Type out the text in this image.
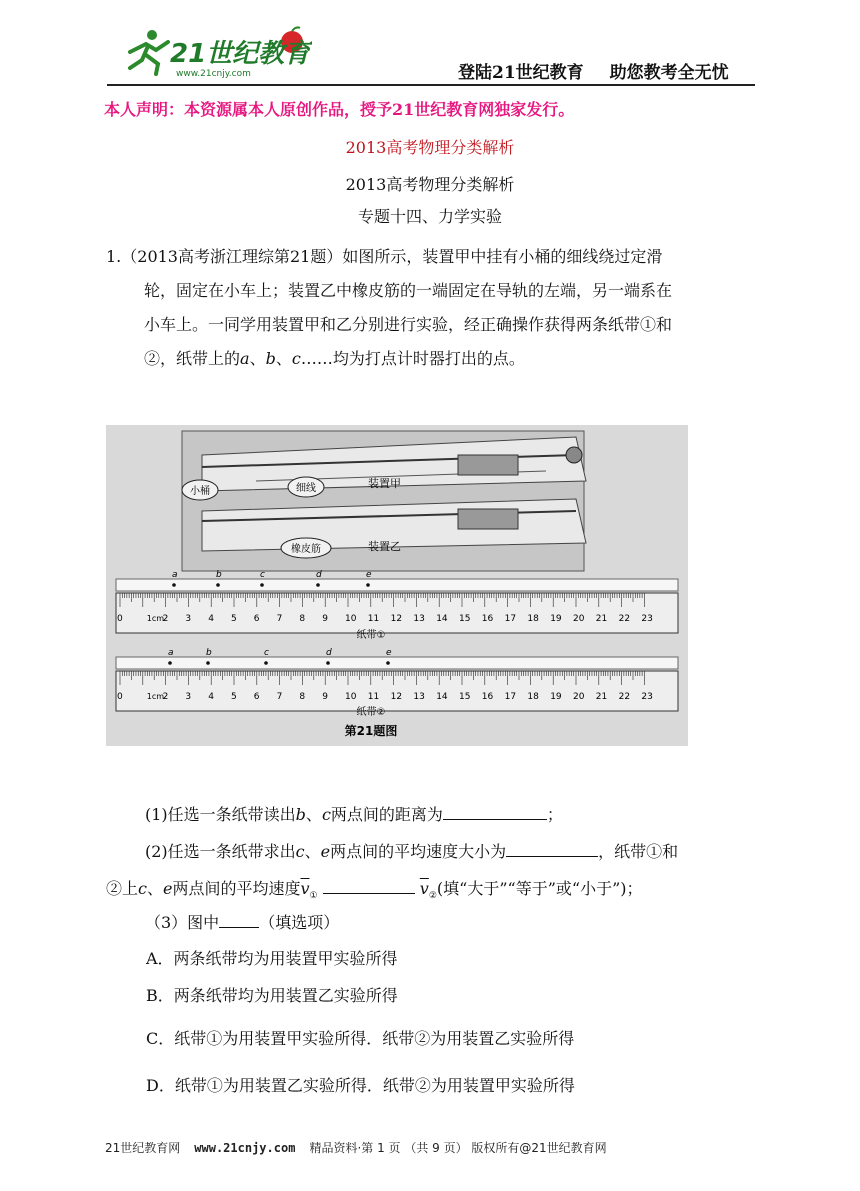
21世纪教育
www.21cnjy.com	登陆21世纪教育 助您教考全无忧
本人声明：本资源属本人原创作品，授予21世纪教育网独家发行。
2013高考物理分类解析
2013高考物理分类解析
专题十四、力学实验
1.（2013高考浙江理综第21题）如图所示，装置甲中挂有小桶的细线绕过定滑
轮，固定在小车上；装置乙中橡皮筋的一端固定在导轨的左端，另一端系在
小车上。一同学用装置甲和乙分别进行实验，经正确操作获得两条纸带①和
②，纸带上的a、b、c……均为打点计时器打出的点。
小桶	细线	装置甲
橡皮筋	装置乙
0	1cm
2 3 4 5 6 7 8 9 10 11 12 13 14 15 16 17 18 19 20 21 22 23
a	b	c	d	e
纸带①
0	1cm
2 3 4 5 6 7 8 9 10 11 12 13 14 15 16 17 18 19 20 21 22 23
a	b	c	d	e
纸带②
第21题图
(1)任选一条纸带读出b、c两点间的距离为	；
(2)任选一条纸带求出c、e两点间的平均速度大小为	，纸带①和
②上c、e两点间的平均速度$\overline{v}_①$	$\overline{v}_②$(填“大于”“等于”或“小于”)；
（3）图中	（填选项）
A．两条纸带均为用装置甲实验所得
B．两条纸带均为用装置乙实验所得
C．纸带①为用装置甲实验所得．纸带②为用装置乙实验所得
D．纸带①为用装置乙实验所得．纸带②为用装置甲实验所得
21世纪教育网 www.21cnjy.com 精品资料·第 1 页 （共 9 页） 版权所有@21世纪教育网
